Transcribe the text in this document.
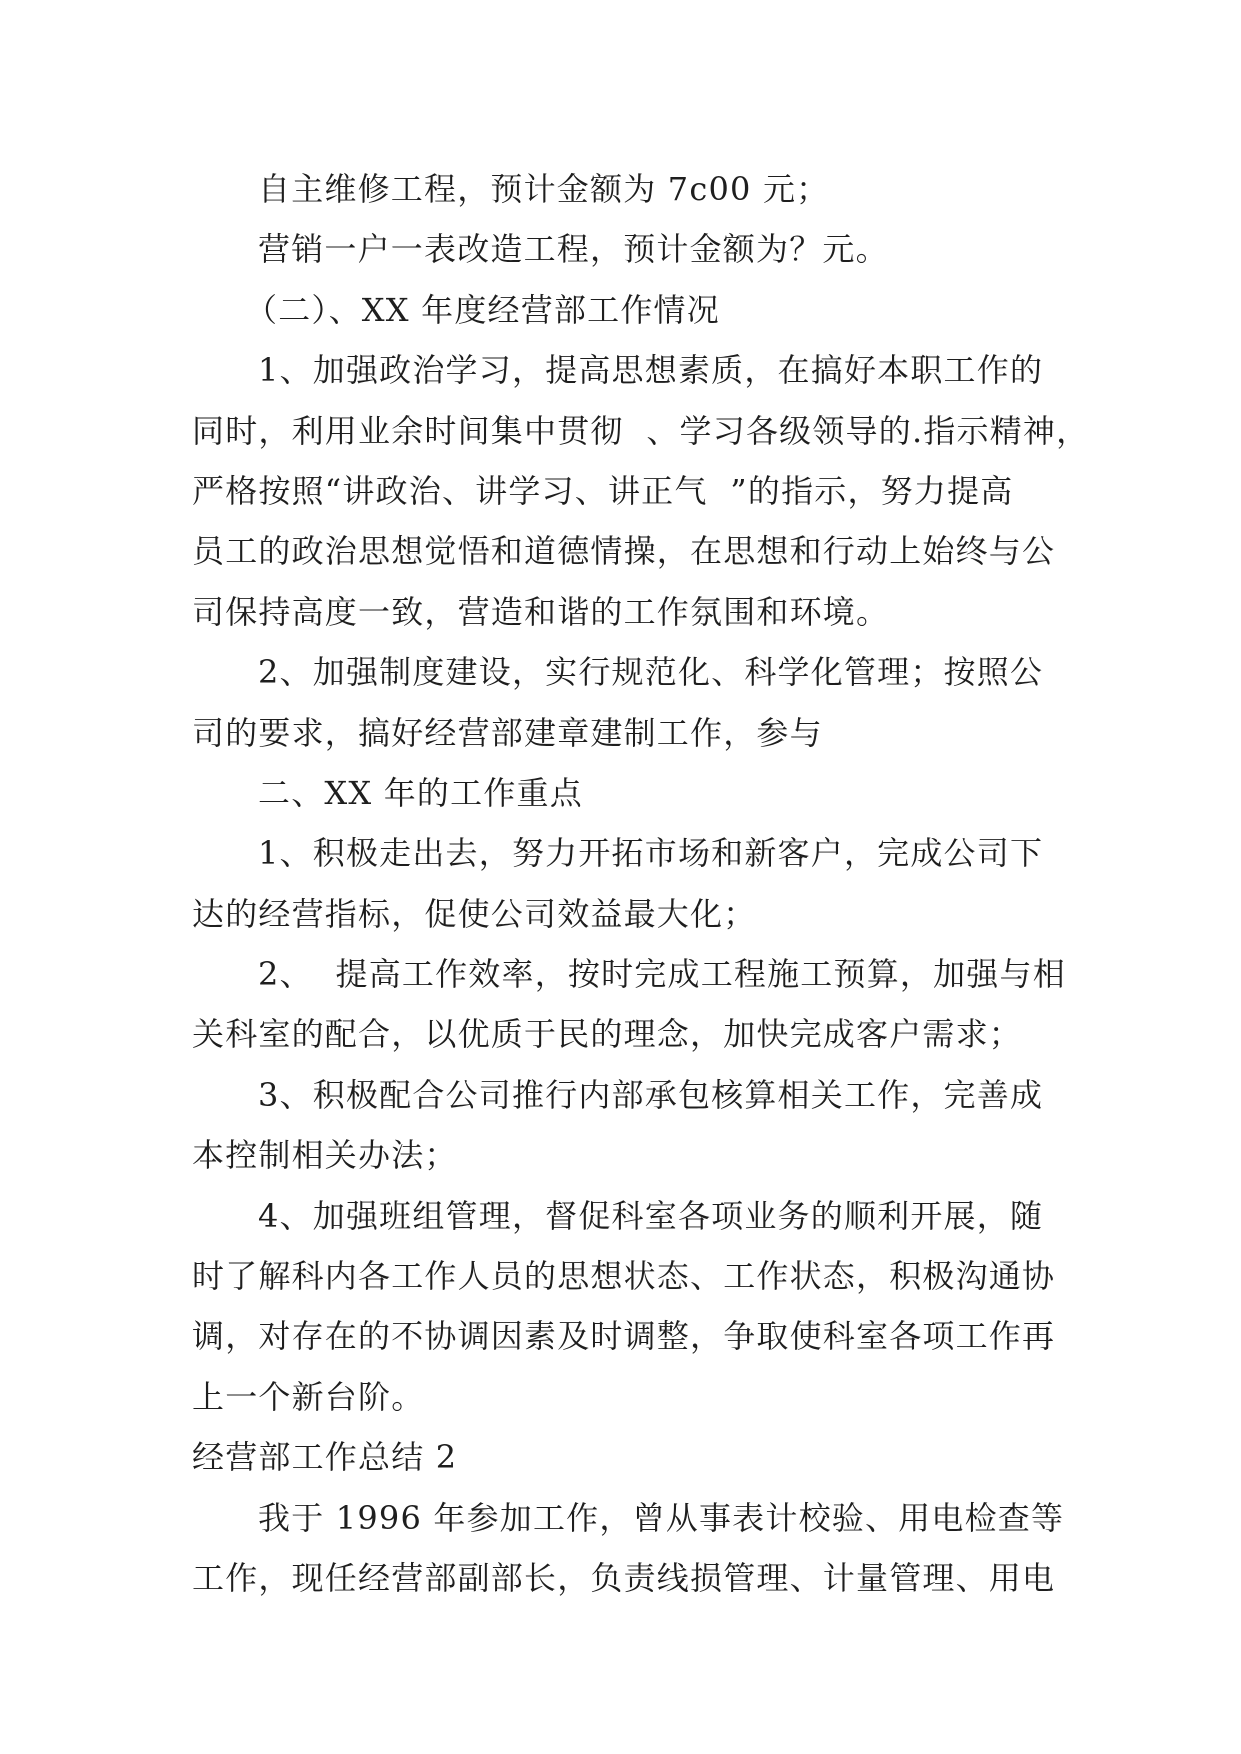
自主维修工程，预计金额为 7c00 元；
营销一户一表改造工程，预计金额为？元。
（二）、XX 年度经营部工作情况
1、加强政治学习，提高思想素质，在搞好本职工作的
同时，利用业余时间集中贯彻  、学习各级领导的.指示精神，
严格按照“讲政治、讲学习、讲正气  ”的指示，努力提高
员工的政治思想觉悟和道德情操，在思想和行动上始终与公
司保持高度一致，营造和谐的工作氛围和环境。
2、加强制度建设，实行规范化、科学化管理；按照公
司的要求，搞好经营部建章建制工作，参与
二、XX 年的工作重点
1、积极走出去，努力开拓市场和新客户，完成公司下
达的经营指标，促使公司效益最大化；
2、  提高工作效率，按时完成工程施工预算，加强与相
关科室的配合，以优质于民的理念，加快完成客户需求；
3、积极配合公司推行内部承包核算相关工作，完善成
本控制相关办法；
4、加强班组管理，督促科室各项业务的顺利开展，随
时了解科内各工作人员的思想状态、工作状态，积极沟通协
调，对存在的不协调因素及时调整，争取使科室各项工作再
上一个新台阶。
经营部工作总结 2
我于 1996 年参加工作，曾从事表计校验、用电检查等
工作，现任经营部副部长，负责线损管理、计量管理、用电
